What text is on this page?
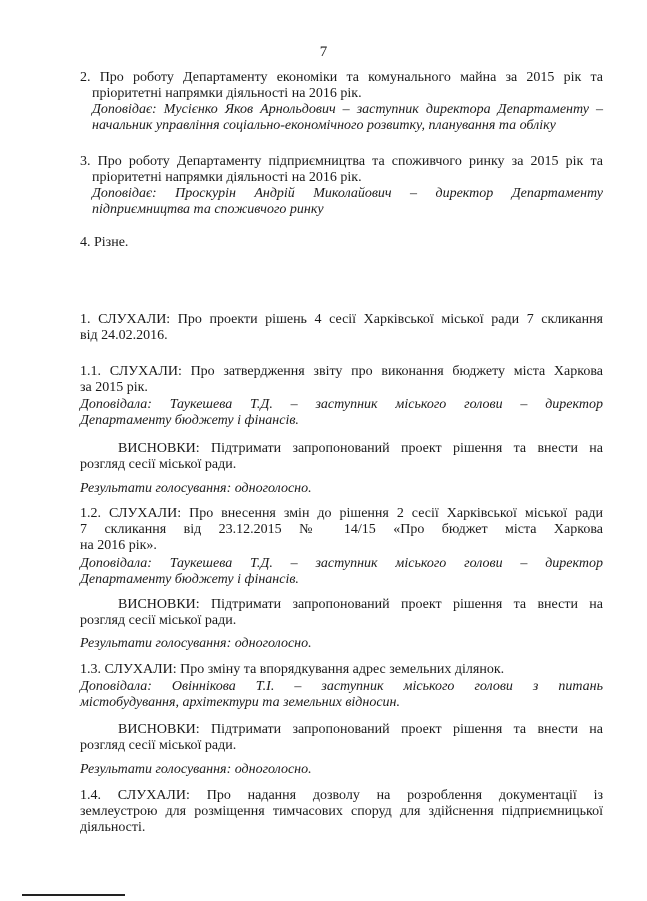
7
2. Про роботу Департаменту економіки та комунального майна за 2015 рік та
пріоритетні напрямки діяльності на 2016 рік.
Доповідає: Мусієнко Яков Арнольдович – заступник директора Департаменту –
начальник управління соціально-економічного розвитку, планування та обліку
3. Про роботу Департаменту підприємництва та споживчого ринку за 2015 рік та
пріоритетні напрямки діяльності на 2016 рік.
Доповідає: Проскурін Андрій Миколайович – директор Департаменту
підприємництва та споживчого ринку
4. Різне.
1. СЛУХАЛИ: Про проекти рішень 4 сесії Харківської міської ради 7 скликання
від 24.02.2016.
1.1. СЛУХАЛИ: Про затвердження звіту про виконання бюджету міста Харкова
за 2015 рік.
Доповідала: Таукешева Т.Д. – заступник міського голови – директор
Департаменту бюджету і фінансів.
ВИСНОВКИ: Підтримати запропонований проект рішення та внести на
розгляд сесії міської ради.
Результати голосування: одноголосно.
1.2. СЛУХАЛИ: Про внесення змін до рішення 2 сесії Харківської міської ради
7 скликання від 23.12.2015 № 14/15 «Про бюджет міста Харкова
на 2016 рік».
Доповідала: Таукешева Т.Д. – заступник міського голови – директор
Департаменту бюджету і фінансів.
ВИСНОВКИ: Підтримати запропонований проект рішення та внести на
розгляд сесії міської ради.
Результати голосування: одноголосно.
1.3. СЛУХАЛИ: Про зміну та впорядкування адрес земельних ділянок.
Доповідала: Овіннікова Т.І. – заступник міського голови з питань
містобудування, архітектури та земельних відносин.
ВИСНОВКИ: Підтримати запропонований проект рішення та внести на
розгляд сесії міської ради.
Результати голосування: одноголосно.
1.4. СЛУХАЛИ: Про надання дозволу на розроблення документації із
землеустрою для розміщення тимчасових споруд для здійснення підприємницької
діяльності.
